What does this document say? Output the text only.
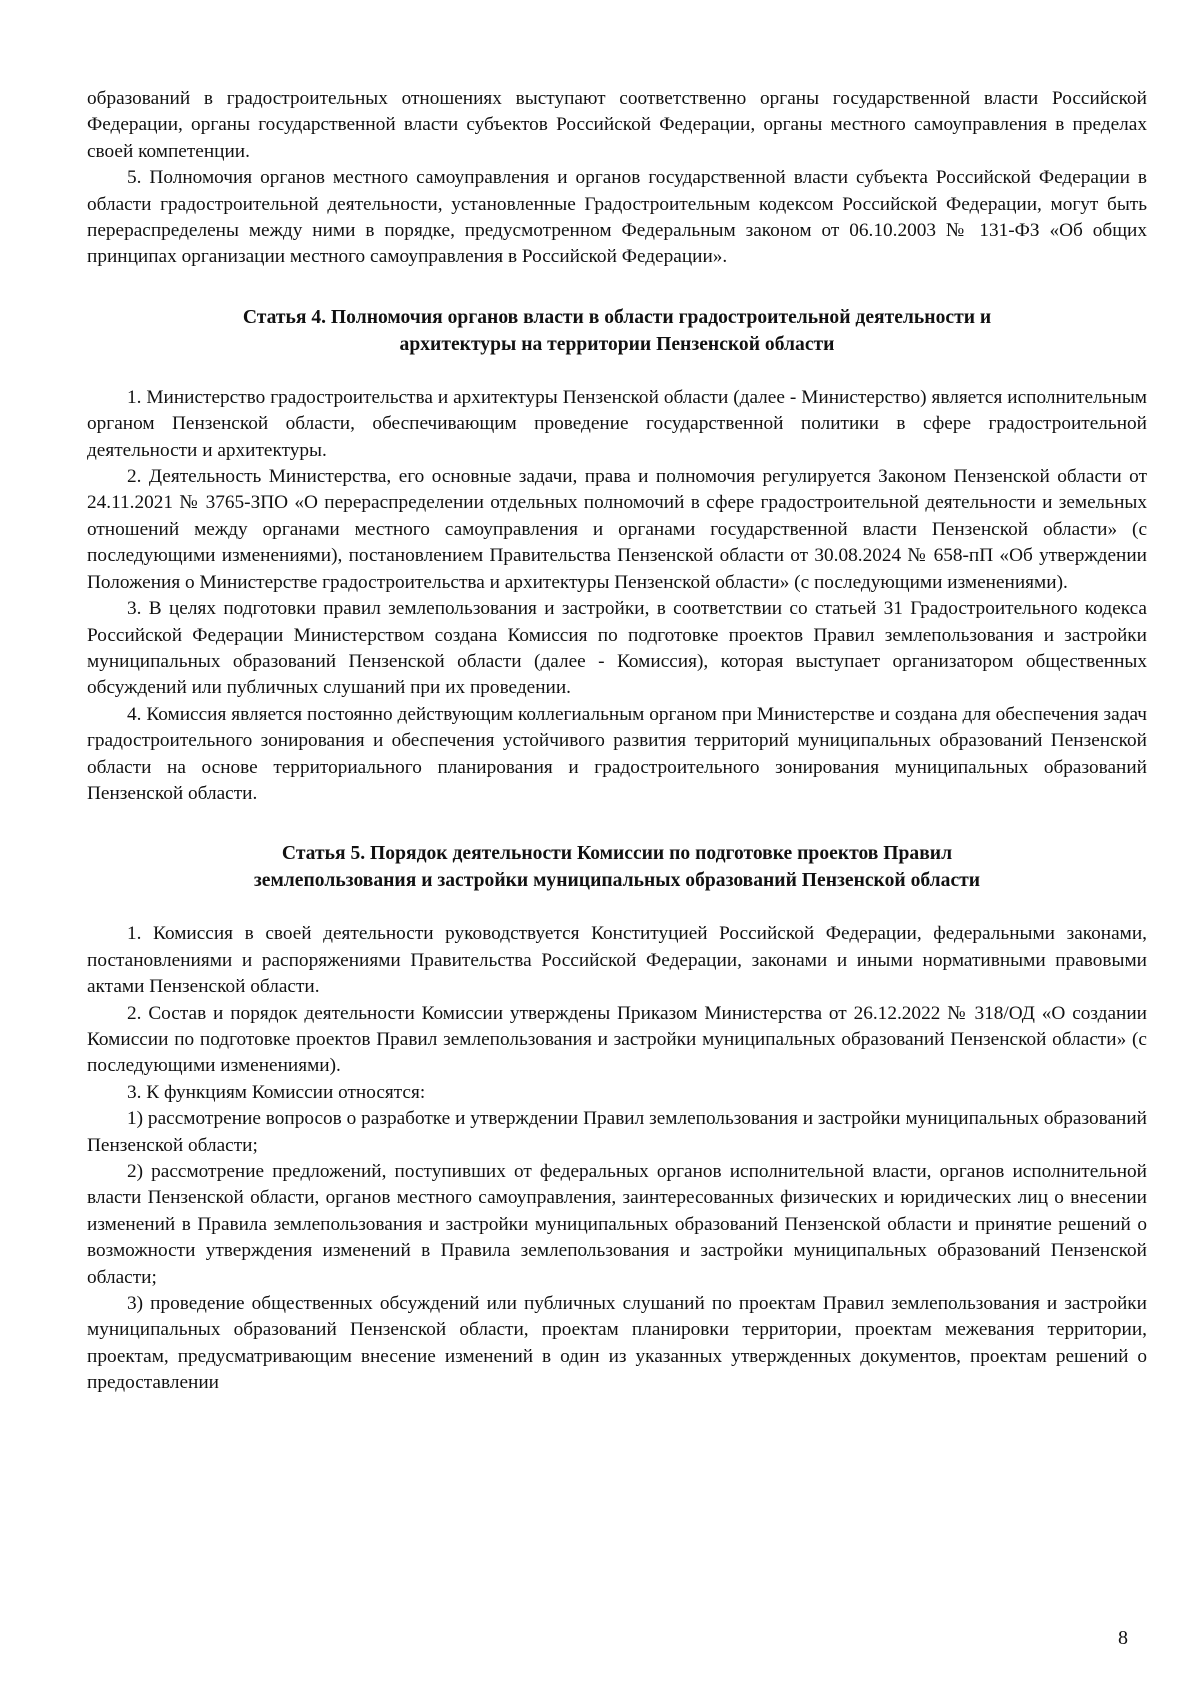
образований в градостроительных отношениях выступают соответственно органы государственной власти Российской Федерации, органы государственной власти субъектов Российской Федерации, органы местного самоуправления в пределах своей компетенции.

5. Полномочия органов местного самоуправления и органов государственной власти субъекта Российской Федерации в области градостроительной деятельности, установленные Градостроительным кодексом Российской Федерации, могут быть перераспределены между ними в порядке, предусмотренном Федеральным законом от 06.10.2003 № 131-ФЗ «Об общих принципах организации местного самоуправления в Российской Федерации».

Статья 4. Полномочия органов власти в области градостроительной деятельности и
архитектуры на территории Пензенской области

1. Министерство градостроительства и архитектуры Пензенской области (далее - Министерство) является исполнительным органом Пензенской области, обеспечивающим проведение государственной политики в сфере градостроительной деятельности и архитектуры.

2. Деятельность Министерства, его основные задачи, права и полномочия регулируется Законом Пензенской области от 24.11.2021 № 3765-ЗПО «О перераспределении отдельных полномочий в сфере градостроительной деятельности и земельных отношений между органами местного самоуправления и органами государственной власти Пензенской области» (с последующими изменениями), постановлением Правительства Пензенской области от 30.08.2024 № 658-пП «Об утверждении Положения о Министерстве градостроительства и архитектуры Пензенской области» (с последующими изменениями).

3. В целях подготовки правил землепользования и застройки, в соответствии со статьей 31 Градостроительного кодекса Российской Федерации Министерством создана Комиссия по подготовке проектов Правил землепользования и застройки муниципальных образований Пензенской области (далее - Комиссия), которая выступает организатором общественных обсуждений или публичных слушаний при их проведении.

4. Комиссия является постоянно действующим коллегиальным органом при Министерстве и создана для обеспечения задач градостроительного зонирования и обеспечения устойчивого развития территорий муниципальных образований Пензенской области на основе территориального планирования и градостроительного зонирования муниципальных образований Пензенской области.

Статья 5. Порядок деятельности Комиссии по подготовке проектов Правил
землепользования и застройки муниципальных образований Пензенской области

1. Комиссия в своей деятельности руководствуется Конституцией Российской Федерации, федеральными законами, постановлениями и распоряжениями Правительства Российской Федерации, законами и иными нормативными правовыми актами Пензенской области.

2. Состав и порядок деятельности Комиссии утверждены Приказом Министерства от 26.12.2022 № 318/ОД «О создании Комиссии по подготовке проектов Правил землепользования и застройки муниципальных образований Пензенской области» (с последующими изменениями).

3. К функциям Комиссии относятся:

1) рассмотрение вопросов о разработке и утверждении Правил землепользования и застройки муниципальных образований Пензенской области;

2) рассмотрение предложений, поступивших от федеральных органов исполнительной власти, органов исполнительной власти Пензенской области, органов местного самоуправления, заинтересованных физических и юридических лиц о внесении изменений в Правила землепользования и застройки муниципальных образований Пензенской области и принятие решений о возможности утверждения изменений в Правила землепользования и застройки муниципальных образований Пензенской области;

3) проведение общественных обсуждений или публичных слушаний по проектам Правил землепользования и застройки муниципальных образований Пензенской области, проектам планировки территории, проектам межевания территории, проектам, предусматривающим внесение изменений в один из указанных утвержденных документов, проектам решений о предоставлении

8
